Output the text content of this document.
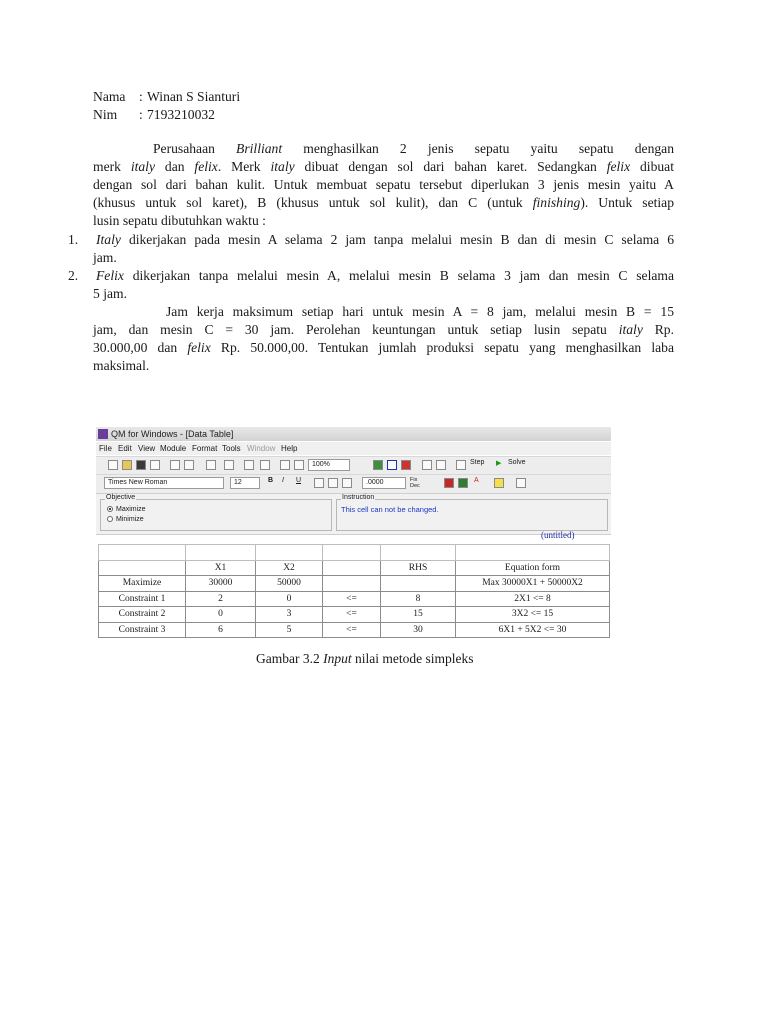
Nama : Winan S Sianturi
Nim : 7193210032
Perusahaan Brilliant menghasilkan 2 jenis sepatu yaitu sepatu dengan
merk italy dan felix. Merk italy dibuat dengan sol dari bahan karet. Sedangkan felix dibuat
dengan sol dari bahan kulit. Untuk membuat sepatu tersebut diperlukan 3 jenis mesin yaitu A
(khusus untuk sol karet), B (khusus untuk sol kulit), dan C (untuk finishing). Untuk setiap
lusin sepatu dibutuhkan waktu :
1. Italy dikerjakan pada mesin A selama 2 jam tanpa melalui mesin B dan di mesin C selama 6
jam.
2. Felix dikerjakan tanpa melalui mesin A, melalui mesin B selama 3 jam dan mesin C selama
5 jam.
Jam kerja maksimum setiap hari untuk mesin A = 8 jam, melalui mesin B = 15
jam, dan mesin C = 30 jam. Perolehan keuntungan untuk setiap lusin sepatu italy Rp.
30.000,00 dan felix Rp. 50.000,00. Tentukan jumlah produksi sepatu yang menghasilkan laba
maksimal.
QM for Windows - [Data Table]
File Edit View Module Format Tools Window Help
100%	Step ▶ Solve
Times New Roman	12	B I U	.0000	Fix Dec
A
Objective
Maximize
Minimize
Instruction
This cell can not be changed.
(untitled)

	X1	X2		RHS	Equation form
Maximize	30000	50000			Max 30000X1 + 50000X2
Constraint 1	2	0	<=	8	2X1 <= 8
Constraint 2	0	3	<=	15	3X2 <= 15
Constraint 3	6	5	<=	30	6X1 + 5X2 <= 30
Gambar 3.2 Input nilai metode simpleks
